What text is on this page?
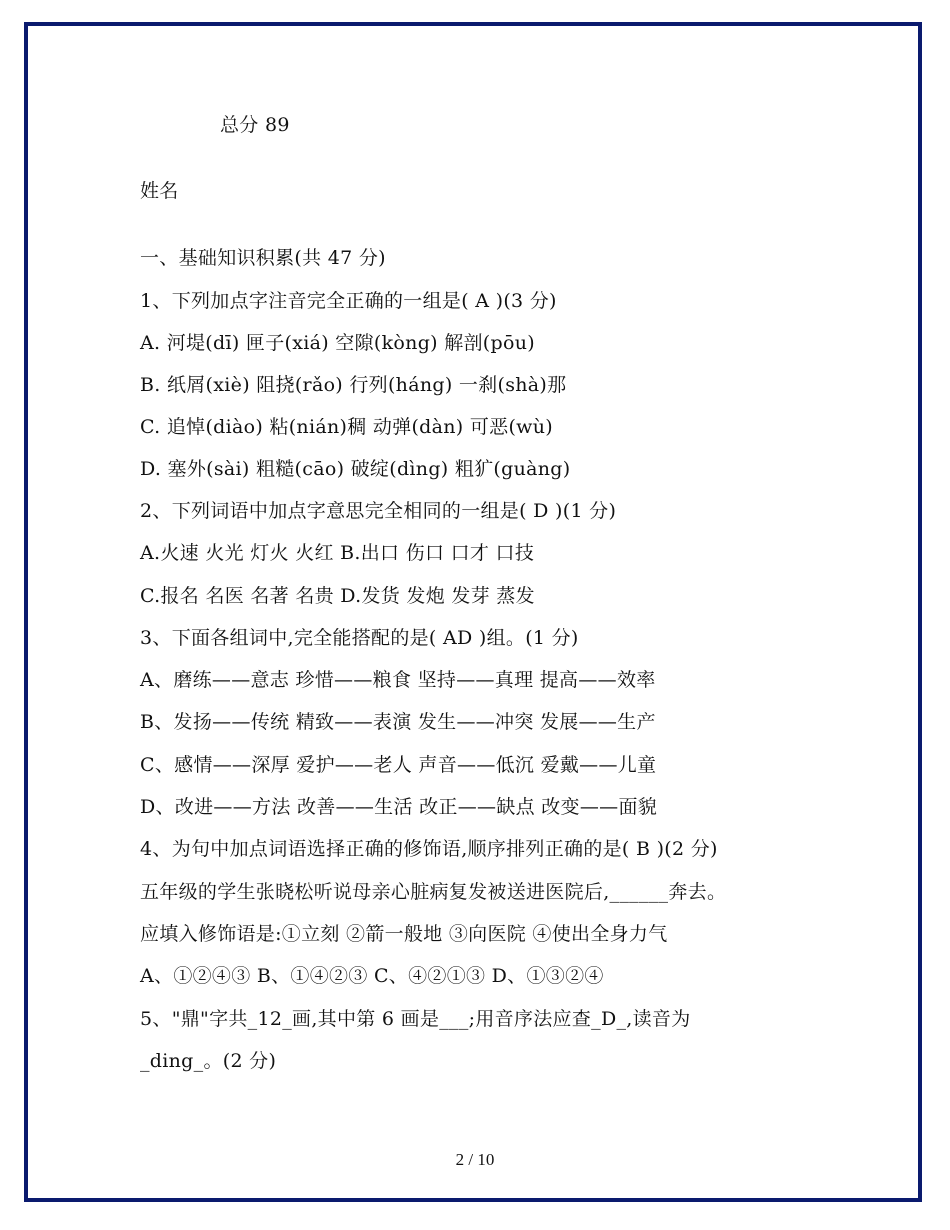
总分 89
姓名
一、基础知识积累(共 47 分)
1、下列加点字注音完全正确的一组是( A )(3 分)
A. 河堤(dī) 匣子(xiá) 空隙(kòng) 解剖(pōu)
B. 纸屑(xiè) 阻挠(rǎo) 行列(háng) 一刹(shà)那
C. 追悼(diào) 粘(nián)稠 动弹(dàn) 可恶(wù)
D. 塞外(sài) 粗糙(cāo) 破绽(dìng) 粗犷(guàng)
2、下列词语中加点字意思完全相同的一组是( D )(1 分)
A.火速 火光 灯火 火红 B.出口 伤口 口才 口技
C.报名 名医 名著 名贵 D.发货 发炮 发芽 蒸发
3、下面各组词中,完全能搭配的是( AD )组。(1 分)
A、磨练——意志 珍惜——粮食 坚持——真理 提高——效率
B、发扬——传统 精致——表演 发生——冲突 发展——生产
C、感情——深厚 爱护——老人 声音——低沉 爱戴——儿童
D、改进——方法 改善——生活 改正——缺点 改变——面貌
4、为句中加点词语选择正确的修饰语,顺序排列正确的是( B )(2 分)
五年级的学生张晓松听说母亲心脏病复发被送进医院后,______奔去。
应填入修饰语是:①立刻 ②箭一般地 ③向医院 ④使出全身力气
A、①②④③ B、①④②③ C、④②①③ D、①③②④
5、"鼎"字共_12_画,其中第 6 画是___;用音序法应查_D_,读音为
_ding_。(2 分)
2 / 10
